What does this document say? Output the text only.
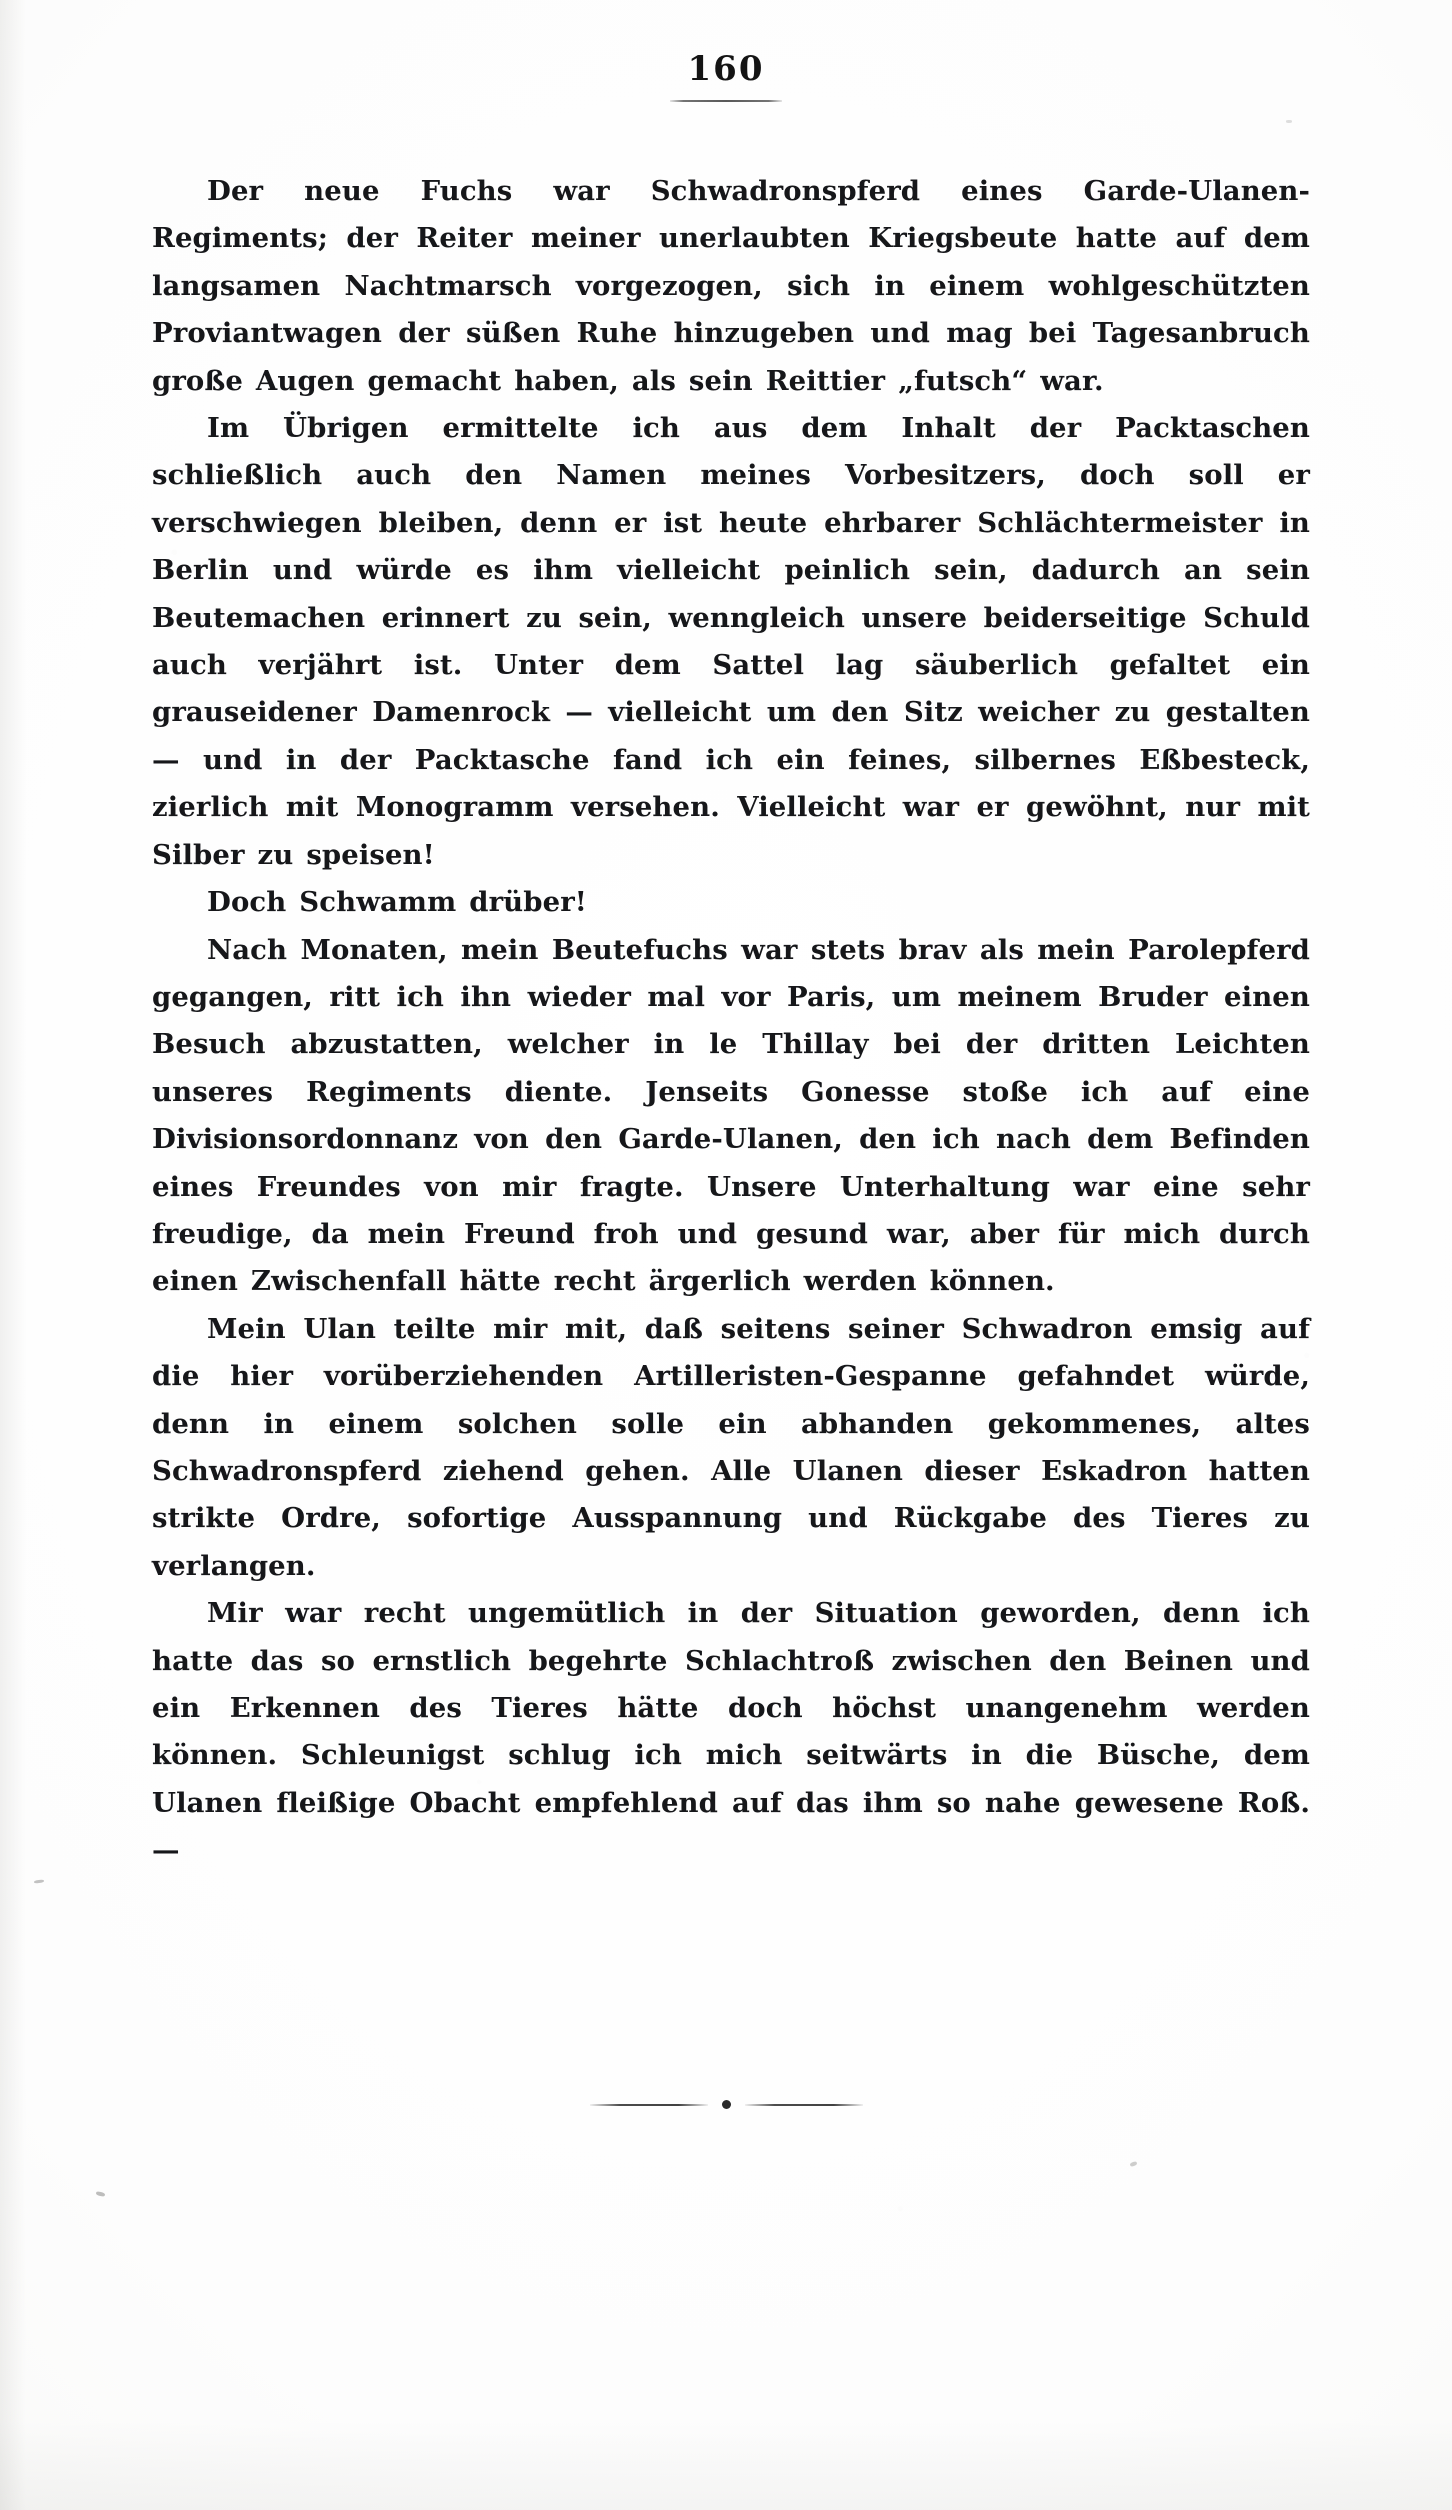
160

Der neue Fuchs war Schwadronspferd eines Garde-Ulanen-Regiments; der Reiter meiner unerlaubten Kriegsbeute hatte auf dem langsamen Nachtmarsch vorgezogen, sich in einem wohlgeschützten Proviantwagen der süßen Ruhe hinzugeben und mag bei Tagesanbruch große Augen gemacht haben, als sein Reittier „futsch“ war.

Im Übrigen ermittelte ich aus dem Inhalt der Packtaschen schließlich auch den Namen meines Vorbesitzers, doch soll er verschwiegen bleiben, denn er ist heute ehrbarer Schlächtermeister in Berlin und würde es ihm vielleicht peinlich sein, dadurch an sein Beutemachen erinnert zu sein, wenngleich unsere beiderseitige Schuld auch verjährt ist. Unter dem Sattel lag säuberlich gefaltet ein grauseidener Damenrock — vielleicht um den Sitz weicher zu gestalten — und in der Packtasche fand ich ein feines, silbernes Eßbesteck, zierlich mit Monogramm versehen. Vielleicht war er gewöhnt, nur mit Silber zu speisen!

Doch Schwamm drüber!

Nach Monaten, mein Beutefuchs war stets brav als mein Parolepferd gegangen, ritt ich ihn wieder mal vor Paris, um meinem Bruder einen Besuch abzustatten, welcher in le Thillay bei der dritten Leichten unseres Regiments diente. Jenseits Gonesse stoße ich auf eine Divisionsordonnanz von den Garde-Ulanen, den ich nach dem Befinden eines Freundes von mir fragte. Unsere Unterhaltung war eine sehr freudige, da mein Freund froh und gesund war, aber für mich durch einen Zwischenfall hätte recht ärgerlich werden können.

Mein Ulan teilte mir mit, daß seitens seiner Schwadron emsig auf die hier vorüberziehenden Artilleristen-Gespanne gefahndet würde, denn in einem solchen solle ein abhanden gekommenes, altes Schwadronspferd ziehend gehen. Alle Ulanen dieser Eskadron hatten strikte Ordre, sofortige Ausspannung und Rückgabe des Tieres zu verlangen.

Mir war recht ungemütlich in der Situation geworden, denn ich hatte das so ernstlich begehrte Schlachtroß zwischen den Beinen und ein Erkennen des Tieres hätte doch höchst unangenehm werden können. Schleunigst schlug ich mich seitwärts in die Büsche, dem Ulanen fleißige Obacht empfehlend auf das ihm so nahe gewesene Roß. —
